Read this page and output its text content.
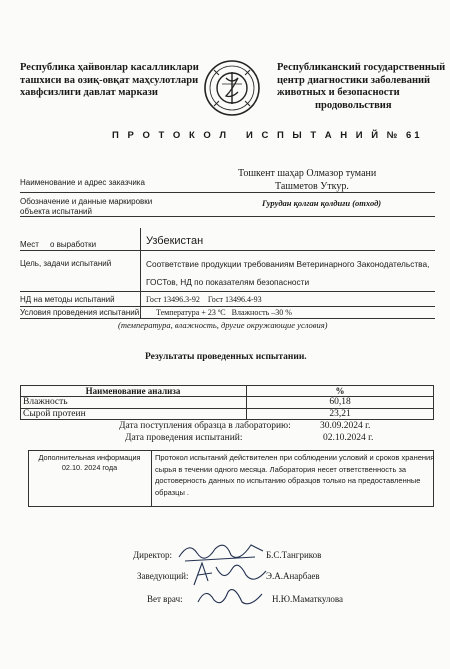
Республика ҳайвонлар касалликлари
ташхиси ва озиқ-овқат маҳсулотлари
хавфсизлиги давлат маркази
Республиканский государственный
центр диагностики заболеваний
животных и безопасности
продовольствия
П Р О Т О К О Л   И С П Ы Т А Н И Й № 61
Наименование и адрес заказчика
Тошкент шаҳар Олмазор тумани
Ташметов Уткур.
Обозначение и данные маркировки
объекта испытаний
Гурудан қолган қолдиғи (отход)
Мест     о выработки	Узбекистан
Цель, задачи испытаний	Соответствие продукции требованиям Ветеринарного Законодательства,
ГОСТов, НД по показателям безопасности
НД на методы испытаний	Гост 13496.3-92    Гост 13496.4-93
Условия проведения испытаний Температура + 23 ºС   Влажность –30 %
(температура, влажность, другие окружающие условия)
Результаты проведенных испытании.
Наименование анализа	%
Влажность	60,18
Сырой протеин	23,21
Дата поступления образца в лабораторию:	30.09.2024 г.
Дата проведения испытаний:	02.10.2024 г.
Дополнительная информация
02.10. 2024 года
Протокол испытаний действителен при соблюдении условий и сроков хранения
сырья в течении одного месяца. Лаборатория несет ответственность за
достоверность данных по испытанию образцов только на предоставленные
образцы .
Директор:	Б.С.Тангриков
Заведующий:	Э.А.Анарбаев
Вет врач:	Н.Ю.Маматкулова
